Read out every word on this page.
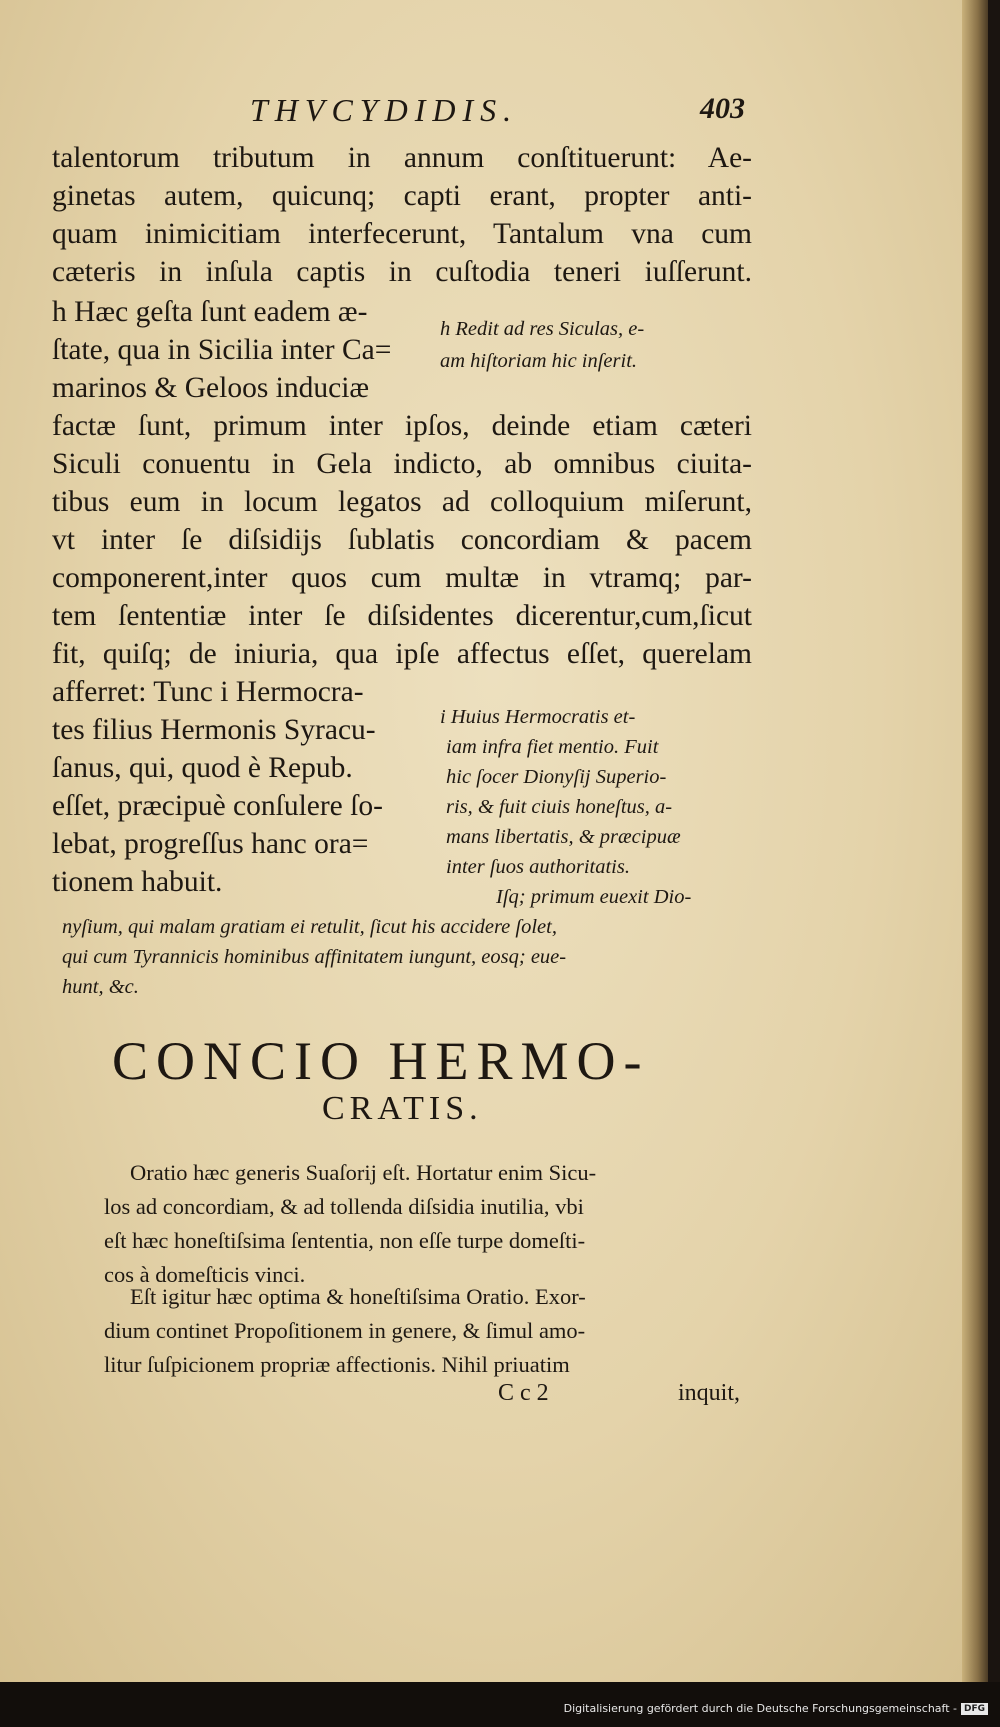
THVCYDIDIS.	403
talentorum tributum in annum conſtituerunt: Ae-
ginetas autem, quicunq; capti erant, propter anti-
quam inimicitiam interfecerunt, Tantalum vna cum
cæteris in inſula captis in cuſtodia teneri iuſſerunt.
h Hæc geſta ſunt eadem æ-
ſtate, qua in Sicilia inter Ca=
marinos & Geloos induciæ
h Redit ad res Siculas, e-
am hiſtoriam hic inſerit.
factæ ſunt, primum inter ipſos, deinde etiam cæteri
Siculi conuentu in Gela indicto, ab omnibus ciuita-
tibus eum in locum legatos ad colloquium miſerunt,
vt inter ſe diſsidijs ſublatis concordiam & pacem
componerent,inter quos cum multæ in vtramq; par-
tem ſententiæ inter ſe diſsidentes dicerentur,cum,ſicut
fit, quiſq; de iniuria, qua ipſe affectus eſſet, querelam
afferret: Tunc i Hermocra-
tes filius Hermonis Syracu-
ſanus, qui, quod è Repub.
eſſet, præcipuè conſulere ſo-
lebat, progreſſus hanc ora=
tionem habuit.
i Huius Hermocratis et-
iam infra fiet mentio. Fuit
hic ſocer Dionyſij Superio-
ris, & fuit ciuis honeſtus, a-
mans libertatis, & præcipuæ
inter ſuos authoritatis.
Iſq; primum euexit Dio-
nyſium, qui malam gratiam ei retulit, ſicut his accidere ſolet,
qui cum Tyrannicis hominibus affinitatem iungunt, eosq; eue-
hunt, &c.
CONCIO HERMO-
CRATIS.
Oratio hæc generis Suaſorij eſt. Hortatur enim Sicu-
los ad concordiam, & ad tollenda diſsidia inutilia, vbi
eſt hæc honeſtiſsima ſententia, non eſſe turpe domeſti-
cos à domeſticis vinci.
Eſt igitur hæc optima & honeſtiſsima Oratio. Exor-
dium continet Propoſitionem in genere, & ſimul amo-
litur ſuſpicionem propriæ affectionis. Nihil priuatim
C c 2	inquit,
Digitalisierung gefördert durch die Deutsche Forschungsgemeinschaft - DFG
